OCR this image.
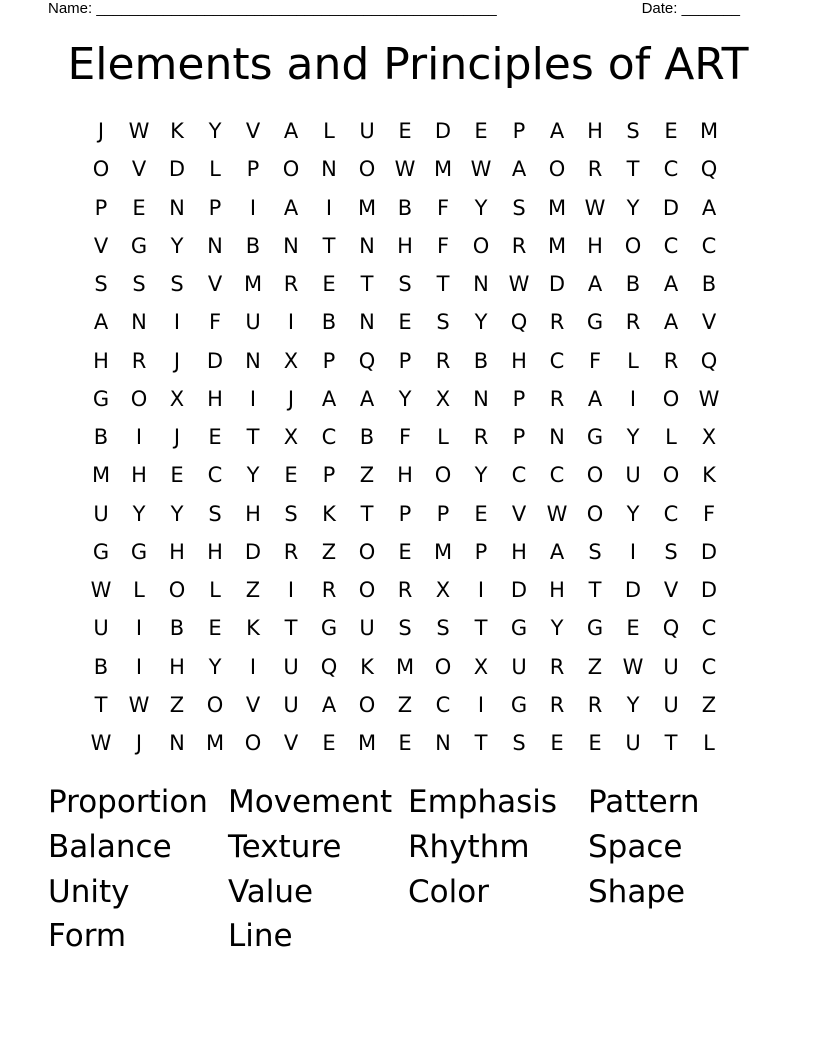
Name: ________________________________________________	Date: _______
Elements and Principles of ART
J	W K	Y	V	A	L	U	E	D	E	P	A	H	S	E	M
O	V	D	L	P	O	N	O W M W A	O	R	T	C	Q
P	E	N	P	I	A	I	M	B	F	Y	S	M W	Y	D	A
V	G	Y	N	B	N	T	N	H	F	O	R	M	H	O	C	C
S	S	S	V	M	R	E	T	S	T	N W D	A	B	A	B
A	N	I	F	U	I	B	N	E	S	Y	Q	R	G	R	A	V
H	R	J	D	N	X	P	Q	P	R	B	H	C	F	L	R	Q
G	O	X	H	I	J	A	A	Y	X	N	P	R	A	I	O W
B	I	J	E	T	X	C	B	F	L	R	P	N	G	Y	L	X
M	H	E	C	Y	E	P	Z	H	O	Y	C	C	O	U	O	K
U	Y	Y	S	H	S	K	T	P	P	E	V W O	Y	C	F
G	G	H	H	D	R	Z	O	E	M	P	H	A	S	I	S	D
W	L	O	L	Z	I	R	O	R	X	I	D	H	T	D	V	D
U	I	B	E	K	T	G	U	S	S	T	G	Y	G	E	Q	C
B	I	H	Y	I	U	Q	K	M O	X	U	R	Z W U	C
T	W Z	O	V	U	A	O	Z	C	I	G	R	R	Y	U	Z
W	J	N	M O	V	E	M	E	N	T	S	E	E	U	T	L
Proportion Movement Emphasis Pattern
Balance	Texture	Rhythm	Space
Unity	Value	Color	Shape
Form	Line
